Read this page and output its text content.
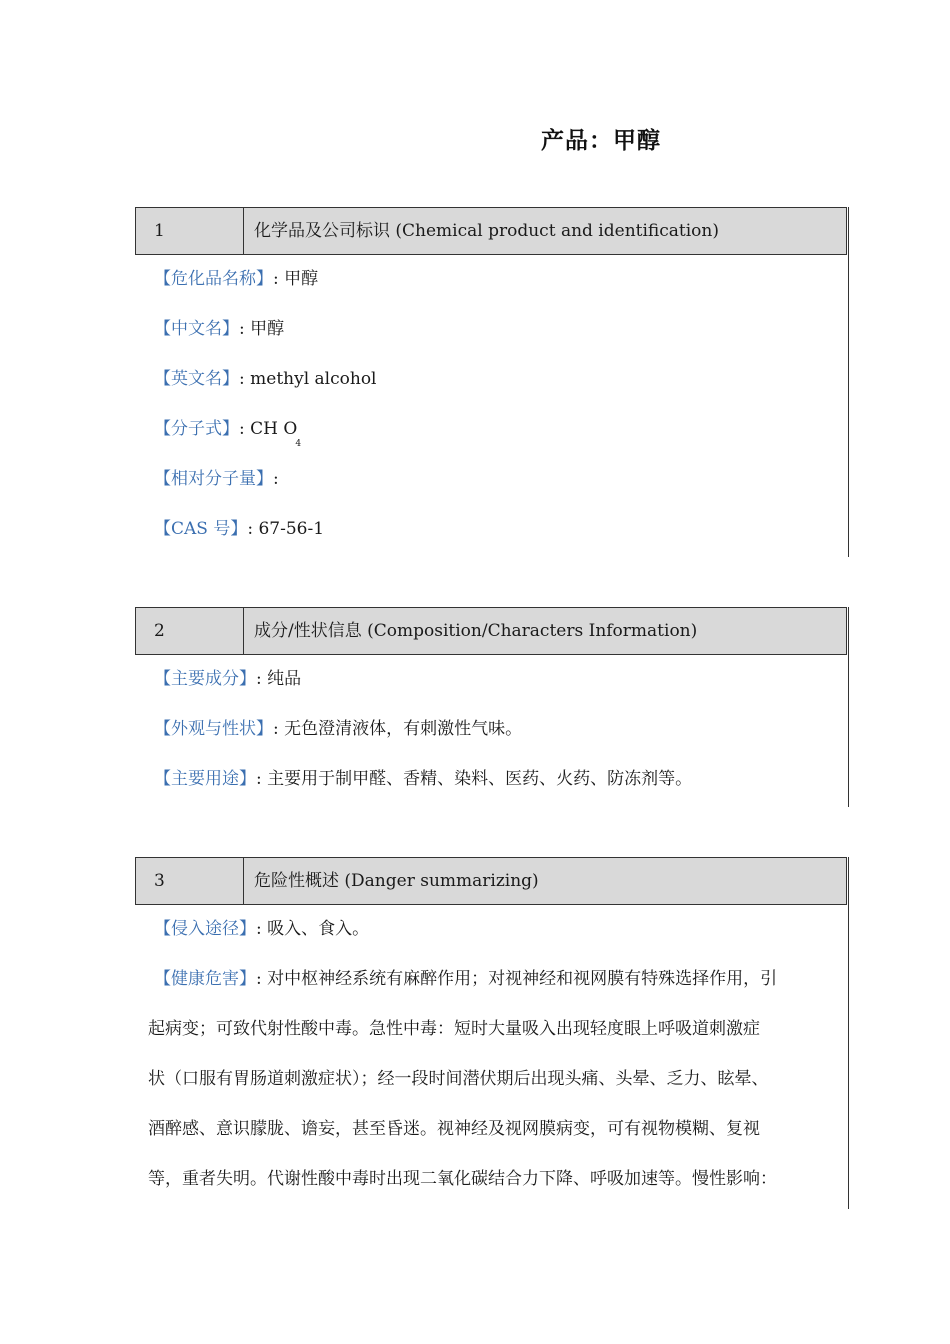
产品：甲醇
1	化学品及公司标识 (Chemical product and identification)
【危化品名称】: 甲醇
【中文名】: 甲醇
【英文名】: methyl alcohol
【分子式】: CH $O_4$
【相对分子量】:
【CAS 号】: 67-56-1
2	成分/性状信息 (Composition/Characters Information)
【主要成分】: 纯品
【外观与性状】: 无色澄清液体，有刺激性气味。
【主要用途】: 主要用于制甲醛、香精、染料、医药、火药、防冻剂等。
3	危险性概述 (Danger summarizing)
【侵入途径】: 吸入、食入。
【健康危害】: 对中枢神经系统有麻醉作用；对视神经和视网膜有特殊选择作用，引
起病变；可致代射性酸中毒。急性中毒：短时大量吸入出现轻度眼上呼吸道刺激症
状（口服有胃肠道刺激症状）；经一段时间潜伏期后出现头痛、头晕、乏力、眩晕、
酒醉感、意识朦胧、谵妄，甚至昏迷。视神经及视网膜病变，可有视物模糊、复视
等，重者失明。代谢性酸中毒时出现二氧化碳结合力下降、呼吸加速等。慢性影响：
